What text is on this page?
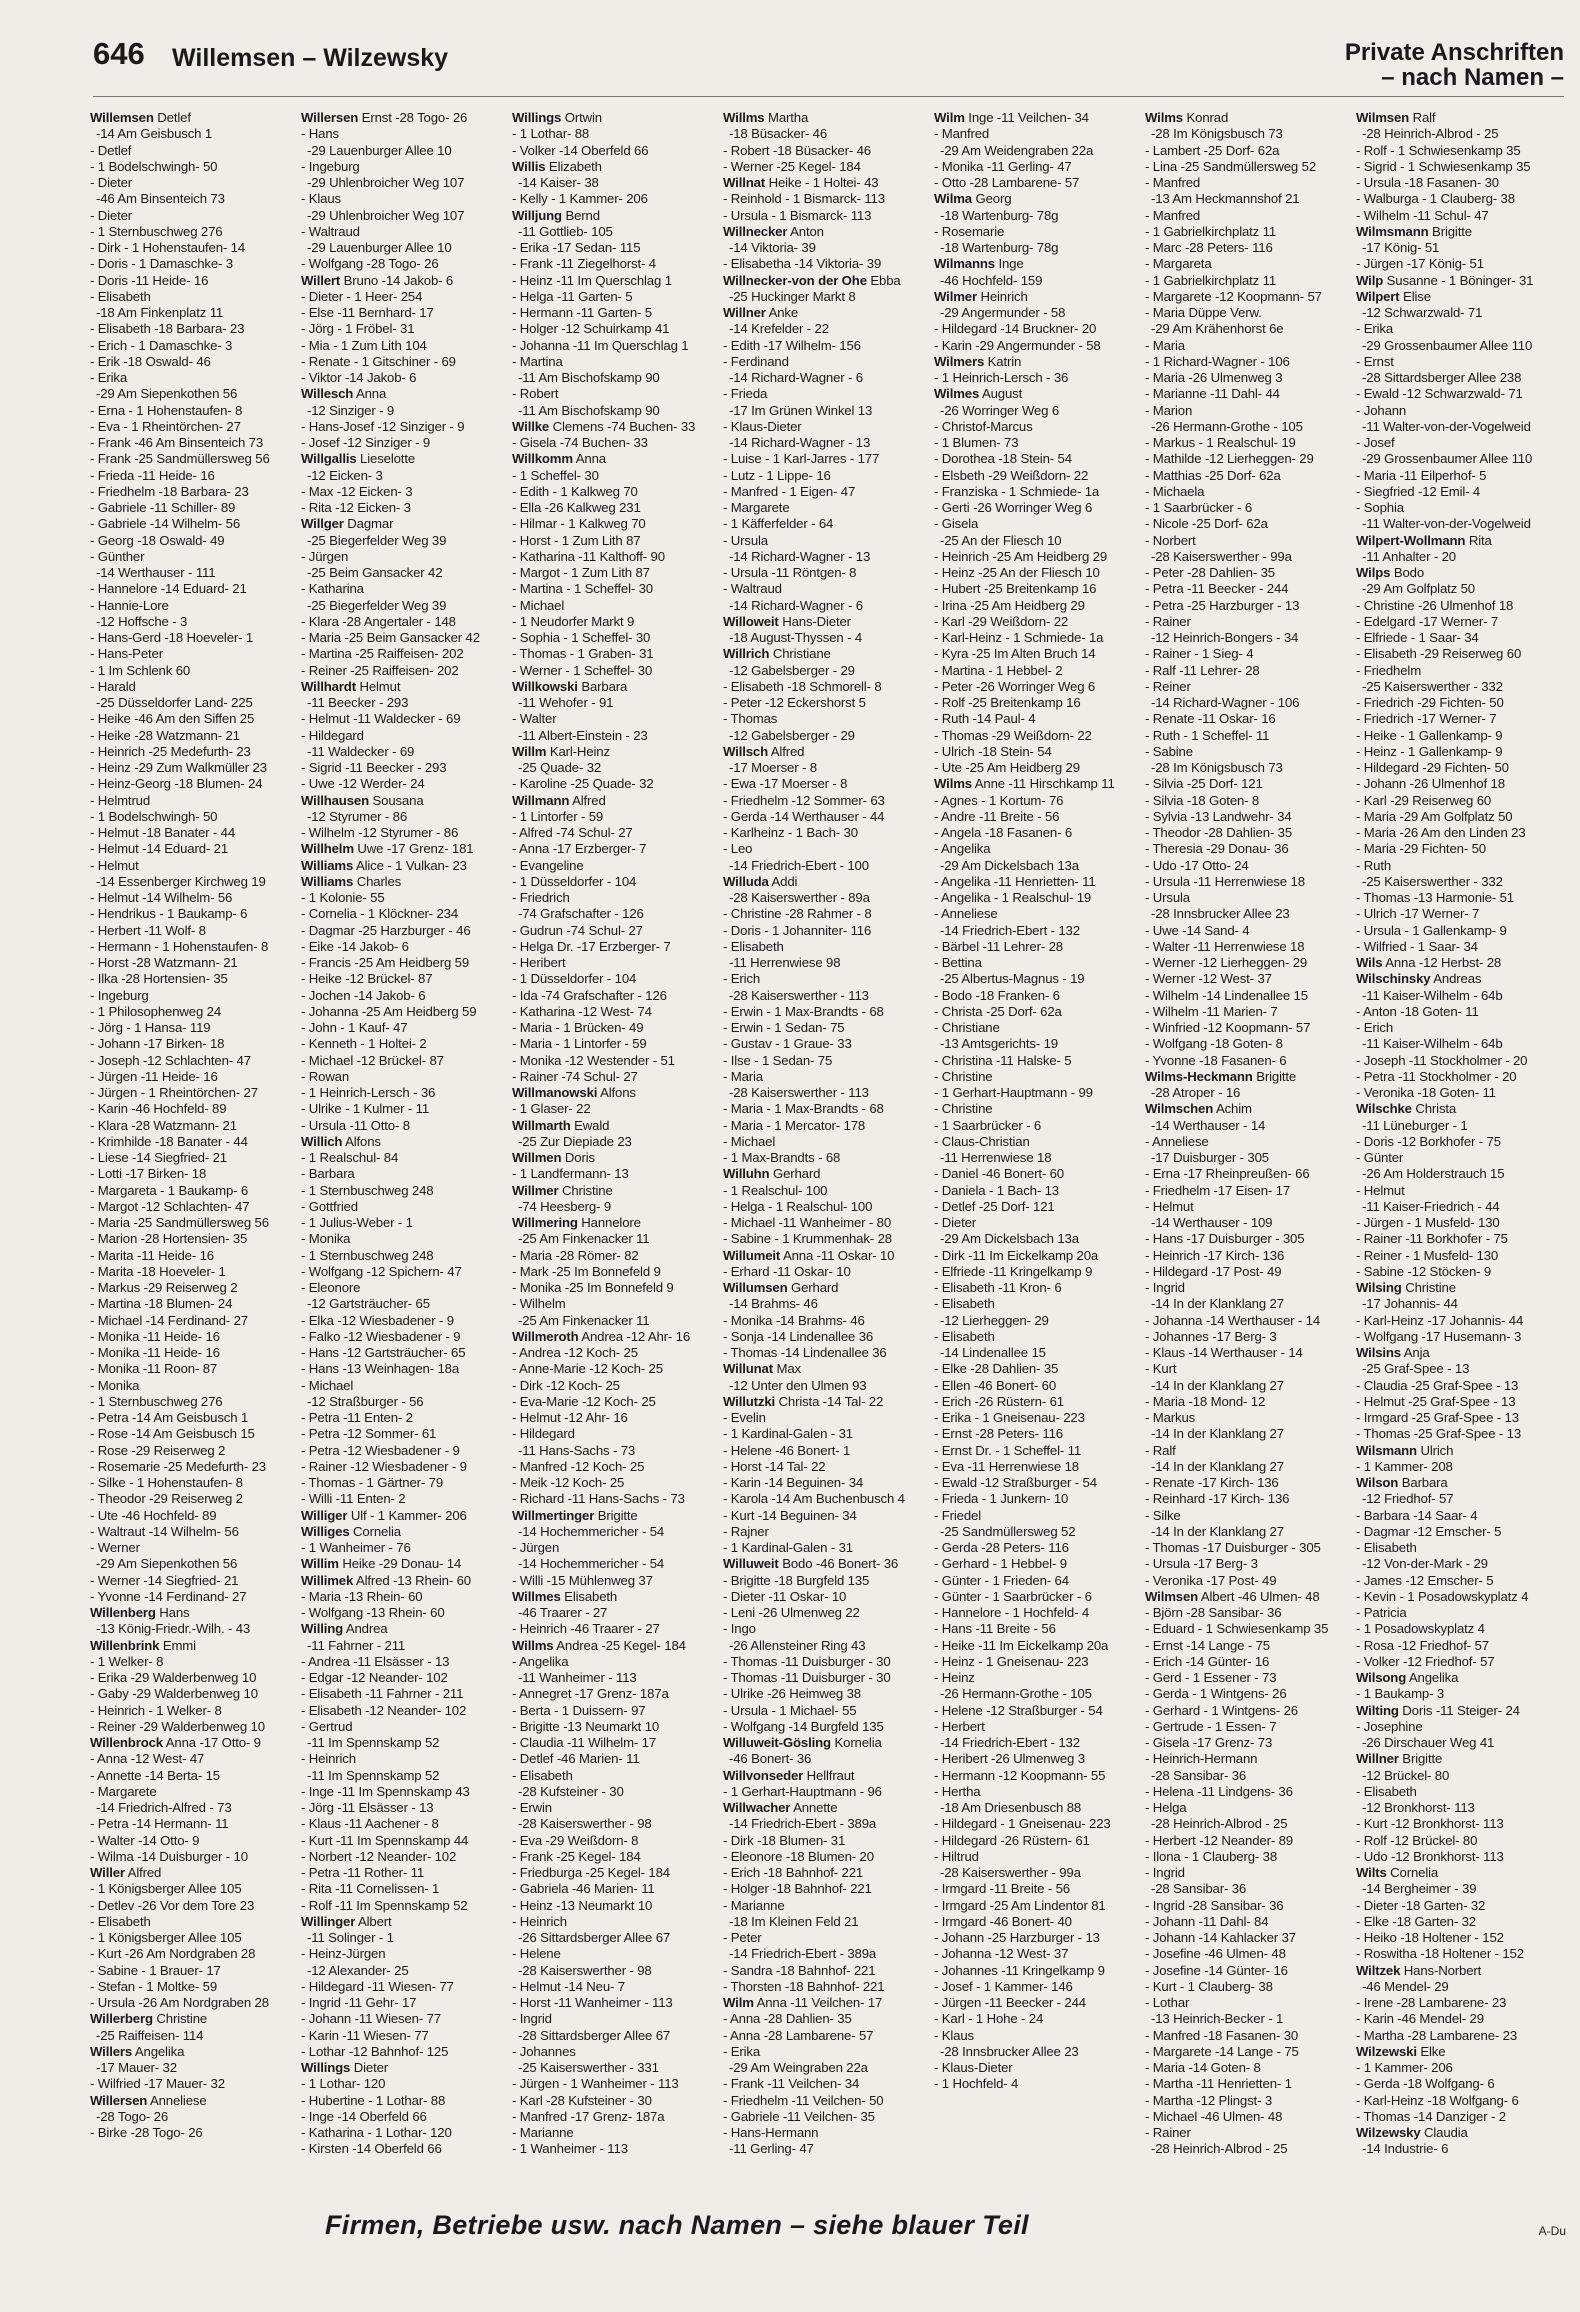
646 Willemsen – Wilzewsky	Private Anschriften
– nach Namen –
Willemsen Detlef
-14 Am Geisbusch 1
- Detlef
- 1 Bodelschwingh- 50
- Dieter
-46 Am Binsenteich 73
- Dieter
- 1 Sternbuschweg 276
- Dirk - 1 Hohenstaufen- 14
- Doris - 1 Damaschke- 3
- Doris -11 Heide- 16
- Elisabeth
-18 Am Finkenplatz 11
- Elisabeth -18 Barbara- 23
- Erich - 1 Damaschke- 3
- Erik -18 Oswald- 46
- Erika
-29 Am Siepenkothen 56
- Erna - 1 Hohenstaufen- 8
- Eva - 1 Rheintörchen- 27
- Frank -46 Am Binsenteich 73
- Frank -25 Sandmüllersweg 56
- Frieda -11 Heide- 16
- Friedhelm -18 Barbara- 23
- Gabriele -11 Schiller- 89
- Gabriele -14 Wilhelm- 56
- Georg -18 Oswald- 49
- Günther
-14 Werthauser - 111
- Hannelore -14 Eduard- 21
- Hannie-Lore
-12 Hoffsche - 3
- Hans-Gerd -18 Hoeveler- 1
- Hans-Peter
- 1 Im Schlenk 60
- Harald
-25 Düsseldorfer Land- 225
- Heike -46 Am den Siffen 25
- Heike -28 Watzmann- 21
- Heinrich -25 Medefurth- 23
- Heinz -29 Zum Walkmüller 23
- Heinz-Georg -18 Blumen- 24
- Helmtrud
- 1 Bodelschwingh- 50
- Helmut -18 Banater - 44
- Helmut -14 Eduard- 21
- Helmut
-14 Essenberger Kirchweg 19
- Helmut -14 Wilhelm- 56
- Hendrikus - 1 Baukamp- 6
- Herbert -11 Wolf- 8
- Hermann - 1 Hohenstaufen- 8
- Horst -28 Watzmann- 21
- Ilka -28 Hortensien- 35
- Ingeburg
- 1 Philosophenweg 24
- Jörg - 1 Hansa- 119
- Johann -17 Birken- 18
- Joseph -12 Schlachten- 47
- Jürgen -11 Heide- 16
- Jürgen - 1 Rheintörchen- 27
- Karin -46 Hochfeld- 89
- Klara -28 Watzmann- 21
- Krimhilde -18 Banater - 44
- Liese -14 Siegfried- 21
- Lotti -17 Birken- 18
- Margareta - 1 Baukamp- 6
- Margot -12 Schlachten- 47
- Maria -25 Sandmüllersweg 56
- Marion -28 Hortensien- 35
- Marita -11 Heide- 16
- Marita -18 Hoeveler- 1
- Markus -29 Reiserweg 2
- Martina -18 Blumen- 24
- Michael -14 Ferdinand- 27
- Monika -11 Heide- 16
- Monika -11 Heide- 16
- Monika -11 Roon- 87
- Monika
- 1 Sternbuschweg 276
- Petra -14 Am Geisbusch 1
- Rose -14 Am Geisbusch 15
- Rose -29 Reiserweg 2
- Rosemarie -25 Medefurth- 23
- Silke - 1 Hohenstaufen- 8
- Theodor -29 Reiserweg 2
- Ute -46 Hochfeld- 89
- Waltraut -14 Wilhelm- 56
- Werner
-29 Am Siepenkothen 56
- Werner -14 Siegfried- 21
- Yvonne -14 Ferdinand- 27
Willenberg Hans
-13 König-Friedr.-Wilh. - 43
Willenbrink Emmi
- 1 Welker- 8
- Erika -29 Walderbenweg 10
- Gaby -29 Walderbenweg 10
- Heinrich - 1 Welker- 8
- Reiner -29 Walderbenweg 10
Willenbrock Anna -17 Otto- 9
- Anna -12 West- 47
- Annette -14 Berta- 15
- Margarete
-14 Friedrich-Alfred - 73
- Petra -14 Hermann- 11
- Walter -14 Otto- 9
- Wilma -14 Duisburger - 10
Willer Alfred
- 1 Königsberger Allee 105
- Detlev -26 Vor dem Tore 23
- Elisabeth
- 1 Königsberger Allee 105
- Kurt -26 Am Nordgraben 28
- Sabine - 1 Brauer- 17
- Stefan - 1 Moltke- 59
- Ursula -26 Am Nordgraben 28
Willerberg Christine
-25 Raiffeisen- 114
Willers Angelika
-17 Mauer- 32
- Wilfried -17 Mauer- 32
Willersen Anneliese
-28 Togo- 26
- Birke -28 Togo- 26
Willersen Ernst -28 Togo- 26
- Hans
-29 Lauenburger Allee 10
- Ingeburg
-29 Uhlenbroicher Weg 107
- Klaus
-29 Uhlenbroicher Weg 107
- Waltraud
-29 Lauenburger Allee 10
- Wolfgang -28 Togo- 26
Willert Bruno -14 Jakob- 6
- Dieter - 1 Heer- 254
- Else -11 Bernhard- 17
- Jörg - 1 Fröbel- 31
- Mia - 1 Zum Lith 104
- Renate - 1 Gitschiner - 69
- Viktor -14 Jakob- 6
Willesch Anna
-12 Sinziger - 9
- Hans-Josef -12 Sinziger - 9
- Josef -12 Sinziger - 9
Willgallis Lieselotte
-12 Eicken- 3
- Max -12 Eicken- 3
- Rita -12 Eicken- 3
Willger Dagmar
-25 Biegerfelder Weg 39
- Jürgen
-25 Beim Gansacker 42
- Katharina
-25 Biegerfelder Weg 39
- Klara -28 Angertaler - 148
- Maria -25 Beim Gansacker 42
- Martina -25 Raiffeisen- 202
- Reiner -25 Raiffeisen- 202
Willhardt Helmut
-11 Beecker - 293
- Helmut -11 Waldecker - 69
- Hildegard
-11 Waldecker - 69
- Sigrid -11 Beecker - 293
- Uwe -12 Werder- 24
Willhausen Sousana
-12 Styrumer - 86
- Wilhelm -12 Styrumer - 86
Willhelm Uwe -17 Grenz- 181
Williams Alice - 1 Vulkan- 23
Williams Charles
- 1 Kolonie- 55
- Cornelia - 1 Klöckner- 234
- Dagmar -25 Harzburger - 46
- Eike -14 Jakob- 6
- Francis -25 Am Heidberg 59
- Heike -12 Brückel- 87
- Jochen -14 Jakob- 6
- Johanna -25 Am Heidberg 59
- John - 1 Kauf- 47
- Kenneth - 1 Holtei- 2
- Michael -12 Brückel- 87
- Rowan
- 1 Heinrich-Lersch - 36
- Ulrike - 1 Kulmer - 11
- Ursula -11 Otto- 8
Willich Alfons
- 1 Realschul- 84
- Barbara
- 1 Sternbuschweg 248
- Gottfried
- 1 Julius-Weber - 1
- Monika
- 1 Sternbuschweg 248
- Wolfgang -12 Spichern- 47
- Eleonore
-12 Gartsträucher- 65
- Elka -12 Wiesbadener - 9
- Falko -12 Wiesbadener - 9
- Hans -12 Gartsträucher- 65
- Hans -13 Weinhagen- 18a
- Michael
-12 Straßburger - 56
- Petra -11 Enten- 2
- Petra -12 Sommer- 61
- Petra -12 Wiesbadener - 9
- Rainer -12 Wiesbadener - 9
- Thomas - 1 Gärtner- 79
- Willi -11 Enten- 2
Williger Ulf - 1 Kammer- 206
Williges Cornelia
- 1 Wanheimer - 76
Willim Heike -29 Donau- 14
Willimek Alfred -13 Rhein- 60
- Maria -13 Rhein- 60
- Wolfgang -13 Rhein- 60
Willing Andrea
-11 Fahrner - 211
- Andrea -11 Elsässer - 13
- Edgar -12 Neander- 102
- Elisabeth -11 Fahrner - 211
- Elisabeth -12 Neander- 102
- Gertrud
-11 Im Spennskamp 52
- Heinrich
-11 Im Spennskamp 52
- Inge -11 Im Spennskamp 43
- Jörg -11 Elsässer - 13
- Klaus -11 Aachener - 8
- Kurt -11 Im Spennskamp 44
- Norbert -12 Neander- 102
- Petra -11 Rother- 11
- Rita -11 Cornelissen- 1
- Rolf -11 Im Spennskamp 52
Willinger Albert
-11 Solinger - 1
- Heinz-Jürgen
-12 Alexander- 25
- Hildegard -11 Wiesen- 77
- Ingrid -11 Gehr- 17
- Johann -11 Wiesen- 77
- Karin -11 Wiesen- 77
- Lothar -12 Bahnhof- 125
Willings Dieter
- 1 Lothar- 120
- Hubertine - 1 Lothar- 88
- Inge -14 Oberfeld 66
- Katharina - 1 Lothar- 120
- Kirsten -14 Oberfeld 66
Willings Ortwin
- 1 Lothar- 88
- Volker -14 Oberfeld 66
Willis Elizabeth
-14 Kaiser- 38
- Kelly - 1 Kammer- 206
Willjung Bernd
-11 Gottlieb- 105
- Erika -17 Sedan- 115
- Frank -11 Ziegelhorst- 4
- Heinz -11 Im Querschlag 1
- Helga -11 Garten- 5
- Hermann -11 Garten- 5
- Holger -12 Schuirkamp 41
- Johanna -11 Im Querschlag 1
- Martina
-11 Am Bischofskamp 90
- Robert
-11 Am Bischofskamp 90
Willke Clemens -74 Buchen- 33
- Gisela -74 Buchen- 33
Willkomm Anna
- 1 Scheffel- 30
- Edith - 1 Kalkweg 70
- Ella -26 Kalkweg 231
- Hilmar - 1 Kalkweg 70
- Horst - 1 Zum Lith 87
- Katharina -11 Kalthoff- 90
- Margot - 1 Zum Lith 87
- Martina - 1 Scheffel- 30
- Michael
- 1 Neudorfer Markt 9
- Sophia - 1 Scheffel- 30
- Thomas - 1 Graben- 31
- Werner - 1 Scheffel- 30
Willkowski Barbara
-11 Wehofer - 91
- Walter
-11 Albert-Einstein - 23
Willm Karl-Heinz
-25 Quade- 32
- Karoline -25 Quade- 32
Willmann Alfred
- 1 Lintorfer - 59
- Alfred -74 Schul- 27
- Anna -17 Erzberger- 7
- Evangeline
- 1 Düsseldorfer - 104
- Friedrich
-74 Grafschafter - 126
- Gudrun -74 Schul- 27
- Helga Dr. -17 Erzberger- 7
- Heribert
- 1 Düsseldorfer - 104
- Ida -74 Grafschafter - 126
- Katharina -12 West- 74
- Maria - 1 Brücken- 49
- Maria - 1 Lintorfer - 59
- Monika -12 Westender - 51
- Rainer -74 Schul- 27
Willmanowski Alfons
- 1 Glaser- 22
Willmarth Ewald
-25 Zur Diepiade 23
Willmen Doris
- 1 Landfermann- 13
Willmer Christine
-74 Heesberg- 9
Willmering Hannelore
-25 Am Finkenacker 11
- Maria -28 Römer- 82
- Mark -25 Im Bonnefeld 9
- Monika -25 Im Bonnefeld 9
- Wilhelm
-25 Am Finkenacker 11
Willmeroth Andrea -12 Ahr- 16
- Andrea -12 Koch- 25
- Anne-Marie -12 Koch- 25
- Dirk -12 Koch- 25
- Eva-Marie -12 Koch- 25
- Helmut -12 Ahr- 16
- Hildegard
-11 Hans-Sachs - 73
- Manfred -12 Koch- 25
- Meik -12 Koch- 25
- Richard -11 Hans-Sachs - 73
Willmertinger Brigitte
-14 Hochemmericher - 54
- Jürgen
-14 Hochemmericher - 54
- Willi -15 Mühlenweg 37
Willmes Elisabeth
-46 Traarer - 27
- Heinrich -46 Traarer - 27
Willms Andrea -25 Kegel- 184
- Angelika
-11 Wanheimer - 113
- Annegret -17 Grenz- 187a
- Berta - 1 Duissern- 97
- Brigitte -13 Neumarkt 10
- Claudia -11 Wilhelm- 17
- Detlef -46 Marien- 11
- Elisabeth
-28 Kufsteiner - 30
- Erwin
-28 Kaiserswerther - 98
- Eva -29 Weißdorn- 8
- Frank -25 Kegel- 184
- Friedburga -25 Kegel- 184
- Gabriela -46 Marien- 11
- Heinz -13 Neumarkt 10
- Heinrich
-26 Sittardsberger Allee 67
- Helene
-28 Kaiserswerther - 98
- Helmut -14 Neu- 7
- Horst -11 Wanheimer - 113
- Ingrid
-28 Sittardsberger Allee 67
- Johannes
-25 Kaiserswerther - 331
- Jürgen - 1 Wanheimer - 113
- Karl -28 Kufsteiner - 30
- Manfred -17 Grenz- 187a
- Marianne
- 1 Wanheimer - 113
Willms Martha
-18 Büsacker- 46
- Robert -18 Büsacker- 46
- Werner -25 Kegel- 184
Willnat Heike - 1 Holtei- 43
- Reinhold - 1 Bismarck- 113
- Ursula - 1 Bismarck- 113
Willnecker Anton
-14 Viktoria- 39
- Elisabetha -14 Viktoria- 39
Willnecker-von der Ohe Ebba
-25 Huckinger Markt 8
Willner Anke
-14 Krefelder - 22
- Edith -17 Wilhelm- 156
- Ferdinand
-14 Richard-Wagner - 6
- Frieda
-17 Im Grünen Winkel 13
- Klaus-Dieter
-14 Richard-Wagner - 13
- Luise - 1 Karl-Jarres - 177
- Lutz - 1 Lippe- 16
- Manfred - 1 Eigen- 47
- Margarete
- 1 Käfferfelder - 64
- Ursula
-14 Richard-Wagner - 13
- Ursula -11 Röntgen- 8
- Waltraud
-14 Richard-Wagner - 6
Willoweit Hans-Dieter
-18 August-Thyssen - 4
Willrich Christiane
-12 Gabelsberger - 29
- Elisabeth -18 Schmorell- 8
- Peter -12 Eckershorst 5
- Thomas
-12 Gabelsberger - 29
Willsch Alfred
-17 Moerser - 8
- Ewa -17 Moerser - 8
- Friedhelm -12 Sommer- 63
- Gerda -14 Werthauser - 44
- Karlheinz - 1 Bach- 30
- Leo
-14 Friedrich-Ebert - 100
Willuda Addi
-28 Kaiserswerther - 89a
- Christine -28 Rahmer - 8
- Doris - 1 Johanniter- 116
- Elisabeth
-11 Herrenwiese 98
- Erich
-28 Kaiserswerther - 113
- Erwin - 1 Max-Brandts - 68
- Erwin - 1 Sedan- 75
- Gustav - 1 Graue- 33
- Ilse - 1 Sedan- 75
- Maria
-28 Kaiserswerther - 113
- Maria - 1 Max-Brandts - 68
- Maria - 1 Mercator- 178
- Michael
- 1 Max-Brandts - 68
Willuhn Gerhard
- 1 Realschul- 100
- Helga - 1 Realschul- 100
- Michael -11 Wanheimer - 80
- Sabine - 1 Krummenhak- 28
Willumeit Anna -11 Oskar- 10
- Erhard -11 Oskar- 10
Willumsen Gerhard
-14 Brahms- 46
- Monika -14 Brahms- 46
- Sonja -14 Lindenallee 36
- Thomas -14 Lindenallee 36
Willunat Max
-12 Unter den Ulmen 93
Willutzki Christa -14 Tal- 22
- Evelin
- 1 Kardinal-Galen - 31
- Helene -46 Bonert- 1
- Horst -14 Tal- 22
- Karin -14 Beguinen- 34
- Karola -14 Am Buchenbusch 4
- Kurt -14 Beguinen- 34
- Rajner
- 1 Kardinal-Galen - 31
Willuweit Bodo -46 Bonert- 36
- Brigitte -18 Burgfeld 135
- Dieter -11 Oskar- 10
- Leni -26 Ulmenweg 22
- Ingo
-26 Allensteiner Ring 43
- Thomas -11 Duisburger - 30
- Thomas -11 Duisburger - 30
- Ulrike -26 Heimweg 38
- Ursula - 1 Michael- 55
- Wolfgang -14 Burgfeld 135
Willuweit-Gösling Kornelia
-46 Bonert- 36
Willvonseder Hellfraut
- 1 Gerhart-Hauptmann - 96
Willwacher Annette
-14 Friedrich-Ebert - 389a
- Dirk -18 Blumen- 31
- Eleonore -18 Blumen- 20
- Erich -18 Bahnhof- 221
- Holger -18 Bahnhof- 221
- Marianne
-18 Im Kleinen Feld 21
- Peter
-14 Friedrich-Ebert - 389a
- Sandra -18 Bahnhof- 221
- Thorsten -18 Bahnhof- 221
Wilm Anna -11 Veilchen- 17
- Anna -28 Dahlien- 35
- Anna -28 Lambarene- 57
- Erika
-29 Am Weingraben 22a
- Frank -11 Veilchen- 34
- Friedhelm -11 Veilchen- 50
- Gabriele -11 Veilchen- 35
- Hans-Hermann
-11 Gerling- 47
Wilm Inge -11 Veilchen- 34
- Manfred
-29 Am Weidengraben 22a
- Monika -11 Gerling- 47
- Otto -28 Lambarene- 57
Wilma Georg
-18 Wartenburg- 78g
- Rosemarie
-18 Wartenburg- 78g
Wilmanns Inge
-46 Hochfeld- 159
Wilmer Heinrich
-29 Angermunder - 58
- Hildegard -14 Bruckner- 20
- Karin -29 Angermunder - 58
Wilmers Katrin
- 1 Heinrich-Lersch - 36
Wilmes August
-26 Worringer Weg 6
- Christof-Marcus
- 1 Blumen- 73
- Dorothea -18 Stein- 54
- Elsbeth -29 Weißdorn- 22
- Franziska - 1 Schmiede- 1a
- Gerti -26 Worringer Weg 6
- Gisela
-25 An der Fliesch 10
- Heinrich -25 Am Heidberg 29
- Heinz -25 An der Fliesch 10
- Hubert -25 Breitenkamp 16
- Irina -25 Am Heidberg 29
- Karl -29 Weißdorn- 22
- Karl-Heinz - 1 Schmiede- 1a
- Kyra -25 Im Alten Bruch 14
- Martina - 1 Hebbel- 2
- Peter -26 Worringer Weg 6
- Rolf -25 Breitenkamp 16
- Ruth -14 Paul- 4
- Thomas -29 Weißdorn- 22
- Ulrich -18 Stein- 54
- Ute -25 Am Heidberg 29
Wilms Anne -11 Hirschkamp 11
- Agnes - 1 Kortum- 76
- Andre -11 Breite - 56
- Angela -18 Fasanen- 6
- Angelika
-29 Am Dickelsbach 13a
- Angelika -11 Henrietten- 11
- Angelika - 1 Realschul- 19
- Anneliese
-14 Friedrich-Ebert - 132
- Bärbel -11 Lehrer- 28
- Bettina
-25 Albertus-Magnus - 19
- Bodo -18 Franken- 6
- Christa -25 Dorf- 62a
- Christiane
-13 Amtsgerichts- 19
- Christina -11 Halske- 5
- Christine
- 1 Gerhart-Hauptmann - 99
- Christine
- 1 Saarbrücker - 6
- Claus-Christian
-11 Herrenwiese 18
- Daniel -46 Bonert- 60
- Daniela - 1 Bach- 13
- Detlef -25 Dorf- 121
- Dieter
-29 Am Dickelsbach 13a
- Dirk -11 Im Eickelkamp 20a
- Elfriede -11 Kringelkamp 9
- Elisabeth -11 Kron- 6
- Elisabeth
-12 Lierheggen- 29
- Elisabeth
-14 Lindenallee 15
- Elke -28 Dahlien- 35
- Ellen -46 Bonert- 60
- Erich -26 Rüstern- 61
- Erika - 1 Gneisenau- 223
- Ernst -28 Peters- 116
- Ernst Dr. - 1 Scheffel- 11
- Eva -11 Herrenwiese 18
- Ewald -12 Straßburger - 54
- Frieda - 1 Junkern- 10
- Friedel
-25 Sandmüllersweg 52
- Gerda -28 Peters- 116
- Gerhard - 1 Hebbel- 9
- Günter - 1 Frieden- 64
- Günter - 1 Saarbrücker - 6
- Hannelore - 1 Hochfeld- 4
- Hans -11 Breite - 56
- Heike -11 Im Eickelkamp 20a
- Heinz - 1 Gneisenau- 223
- Heinz
-26 Hermann-Grothe - 105
- Helene -12 Straßburger - 54
- Herbert
-14 Friedrich-Ebert - 132
- Heribert -26 Ulmenweg 3
- Hermann -12 Koopmann- 55
- Hertha
-18 Am Driesenbusch 88
- Hildegard - 1 Gneisenau- 223
- Hildegard -26 Rüstern- 61
- Hiltrud
-28 Kaiserswerther - 99a
- Irmgard -11 Breite - 56
- Irmgard -25 Am Lindentor 81
- Irmgard -46 Bonert- 40
- Johann -25 Harzburger - 13
- Johanna -12 West- 37
- Johannes -11 Kringelkamp 9
- Josef - 1 Kammer- 146
- Jürgen -11 Beecker - 244
- Karl - 1 Hohe - 24
- Klaus
-28 Innsbrucker Allee 23
- Klaus-Dieter
- 1 Hochfeld- 4
Wilms Konrad
-28 Im Königsbusch 73
- Lambert -25 Dorf- 62a
- Lina -25 Sandmüllersweg 52
- Manfred
-13 Am Heckmannshof 21
- Manfred
- 1 Gabrielkirchplatz 11
- Marc -28 Peters- 116
- Margareta
- 1 Gabrielkirchplatz 11
- Margarete -12 Koopmann- 57
- Maria Düppe Verw.
-29 Am Krähenhorst 6e
- Maria
- 1 Richard-Wagner - 106
- Maria -26 Ulmenweg 3
- Marianne -11 Dahl- 44
- Marion
-26 Hermann-Grothe - 105
- Markus - 1 Realschul- 19
- Mathilde -12 Lierheggen- 29
- Matthias -25 Dorf- 62a
- Michaela
- 1 Saarbrücker - 6
- Nicole -25 Dorf- 62a
- Norbert
-28 Kaiserswerther - 99a
- Peter -28 Dahlien- 35
- Petra -11 Beecker - 244
- Petra -25 Harzburger - 13
- Rainer
-12 Heinrich-Bongers - 34
- Rainer - 1 Sieg- 4
- Ralf -11 Lehrer- 28
- Reiner
-14 Richard-Wagner - 106
- Renate -11 Oskar- 16
- Ruth - 1 Scheffel- 11
- Sabine
-28 Im Königsbusch 73
- Silvia -25 Dorf- 121
- Silvia -18 Goten- 8
- Sylvia -13 Landwehr- 34
- Theodor -28 Dahlien- 35
- Theresia -29 Donau- 36
- Udo -17 Otto- 24
- Ursula -11 Herrenwiese 18
- Ursula
-28 Innsbrucker Allee 23
- Uwe -14 Sand- 4
- Walter -11 Herrenwiese 18
- Werner -12 Lierheggen- 29
- Werner -12 West- 37
- Wilhelm -14 Lindenallee 15
- Wilhelm -11 Marien- 7
- Winfried -12 Koopmann- 57
- Wolfgang -18 Goten- 8
- Yvonne -18 Fasanen- 6
Wilms-Heckmann Brigitte
-28 Atroper - 16
Wilmschen Achim
-14 Werthauser - 14
- Anneliese
-17 Duisburger - 305
- Erna -17 Rheinpreußen- 66
- Friedhelm -17 Eisen- 17
- Helmut
-14 Werthauser - 109
- Hans -17 Duisburger - 305
- Heinrich -17 Kirch- 136
- Hildegard -17 Post- 49
- Ingrid
-14 In der Klanklang 27
- Johanna -14 Werthauser - 14
- Johannes -17 Berg- 3
- Klaus -14 Werthauser - 14
- Kurt
-14 In der Klanklang 27
- Maria -18 Mond- 12
- Markus
-14 In der Klanklang 27
- Ralf
-14 In der Klanklang 27
- Renate -17 Kirch- 136
- Reinhard -17 Kirch- 136
- Silke
-14 In der Klanklang 27
- Thomas -17 Duisburger - 305
- Ursula -17 Berg- 3
- Veronika -17 Post- 49
Wilmsen Albert -46 Ulmen- 48
- Björn -28 Sansibar- 36
- Eduard - 1 Schwiesenkamp 35
- Ernst -14 Lange - 75
- Erich -14 Günter- 16
- Gerd - 1 Essener - 73
- Gerda - 1 Wintgens- 26
- Gerhard - 1 Wintgens- 26
- Gertrude - 1 Essen- 7
- Gisela -17 Grenz- 73
- Heinrich-Hermann
-28 Sansibar- 36
- Helena -11 Lindgens- 36
- Helga
-28 Heinrich-Albrod - 25
- Herbert -12 Neander- 89
- Ilona - 1 Clauberg- 38
- Ingrid
-28 Sansibar- 36
- Ingrid -28 Sansibar- 36
- Johann -11 Dahl- 84
- Johann -14 Kahlacker 37
- Josefine -46 Ulmen- 48
- Josefine -14 Günter- 16
- Kurt - 1 Clauberg- 38
- Lothar
-13 Heinrich-Becker - 1
- Manfred -18 Fasanen- 30
- Margarete -14 Lange - 75
- Maria -14 Goten- 8
- Martha -11 Henrietten- 1
- Martha -12 Plingst- 3
- Michael -46 Ulmen- 48
- Rainer
-28 Heinrich-Albrod - 25
Wilmsen Ralf
-28 Heinrich-Albrod - 25
- Rolf - 1 Schwiesenkamp 35
- Sigrid - 1 Schwiesenkamp 35
- Ursula -18 Fasanen- 30
- Walburga - 1 Clauberg- 38
- Wilhelm -11 Schul- 47
Wilmsmann Brigitte
-17 König- 51
- Jürgen -17 König- 51
Wilp Susanne - 1 Böninger- 31
Wilpert Elise
-12 Schwarzwald- 71
- Erika
-29 Grossenbaumer Allee 110
- Ernst
-28 Sittardsberger Allee 238
- Ewald -12 Schwarzwald- 71
- Johann
-11 Walter-von-der-Vogelweid
- Josef
-29 Grossenbaumer Allee 110
- Maria -11 Eilperhof- 5
- Siegfried -12 Emil- 4
- Sophia
-11 Walter-von-der-Vogelweid
Wilpert-Wollmann Rita
-11 Anhalter - 20
Wilps Bodo
-29 Am Golfplatz 50
- Christine -26 Ulmenhof 18
- Edelgard -17 Werner- 7
- Elfriede - 1 Saar- 34
- Elisabeth -29 Reiserweg 60
- Friedhelm
-25 Kaiserswerther - 332
- Friedrich -29 Fichten- 50
- Friedrich -17 Werner- 7
- Heike - 1 Gallenkamp- 9
- Heinz - 1 Gallenkamp- 9
- Hildegard -29 Fichten- 50
- Johann -26 Ulmenhof 18
- Karl -29 Reiserweg 60
- Maria -29 Am Golfplatz 50
- Maria -26 Am den Linden 23
- Maria -29 Fichten- 50
- Ruth
-25 Kaiserswerther - 332
- Thomas -13 Harmonie- 51
- Ulrich -17 Werner- 7
- Ursula - 1 Gallenkamp- 9
- Wilfried - 1 Saar- 34
Wils Anna -12 Herbst- 28
Wilschinsky Andreas
-11 Kaiser-Wilhelm - 64b
- Anton -18 Goten- 11
- Erich
-11 Kaiser-Wilhelm - 64b
- Joseph -11 Stockholmer - 20
- Petra -11 Stockholmer - 20
- Veronika -18 Goten- 11
Wilschke Christa
-11 Lüneburger - 1
- Doris -12 Borkhofer - 75
- Günter
-26 Am Holderstrauch 15
- Helmut
-11 Kaiser-Friedrich - 44
- Jürgen - 1 Musfeld- 130
- Rainer -11 Borkhofer - 75
- Reiner - 1 Musfeld- 130
- Sabine -12 Stöcken- 9
Wilsing Christine
-17 Johannis- 44
- Karl-Heinz -17 Johannis- 44
- Wolfgang -17 Husemann- 3
Wilsins Anja
-25 Graf-Spee - 13
- Claudia -25 Graf-Spee - 13
- Helmut -25 Graf-Spee - 13
- Irmgard -25 Graf-Spee - 13
- Thomas -25 Graf-Spee - 13
Wilsmann Ulrich
- 1 Kammer- 208
Wilson Barbara
-12 Friedhof- 57
- Barbara -14 Saar- 4
- Dagmar -12 Emscher- 5
- Elisabeth
-12 Von-der-Mark - 29
- James -12 Emscher- 5
- Kevin - 1 Posadowskyplatz 4
- Patricia
- 1 Posadowskyplatz 4
- Rosa -12 Friedhof- 57
- Volker -12 Friedhof- 57
Wilsong Angelika
- 1 Baukamp- 3
Wilting Doris -11 Steiger- 24
- Josephine
-26 Dirschauer Weg 41
Willner Brigitte
-12 Brückel- 80
- Elisabeth
-12 Bronkhorst- 113
- Kurt -12 Bronkhorst- 113
- Rolf -12 Brückel- 80
- Udo -12 Bronkhorst- 113
Wilts Cornelia
-14 Bergheimer - 39
- Dieter -18 Garten- 32
- Elke -18 Garten- 32
- Heiko -18 Holtener - 152
- Roswitha -18 Holtener - 152
Wiltzek Hans-Norbert
-46 Mendel- 29
- Irene -28 Lambarene- 23
- Karin -46 Mendel- 29
- Martha -28 Lambarene- 23
Wilzewski Elke
- 1 Kammer- 206
- Gerda -18 Wolfgang- 6
- Karl-Heinz -18 Wolfgang- 6
- Thomas -14 Danziger - 2
Wilzewsky Claudia
-14 Industrie- 6
Firmen, Betriebe usw. nach Namen – siehe blauer Teil	A-Du
